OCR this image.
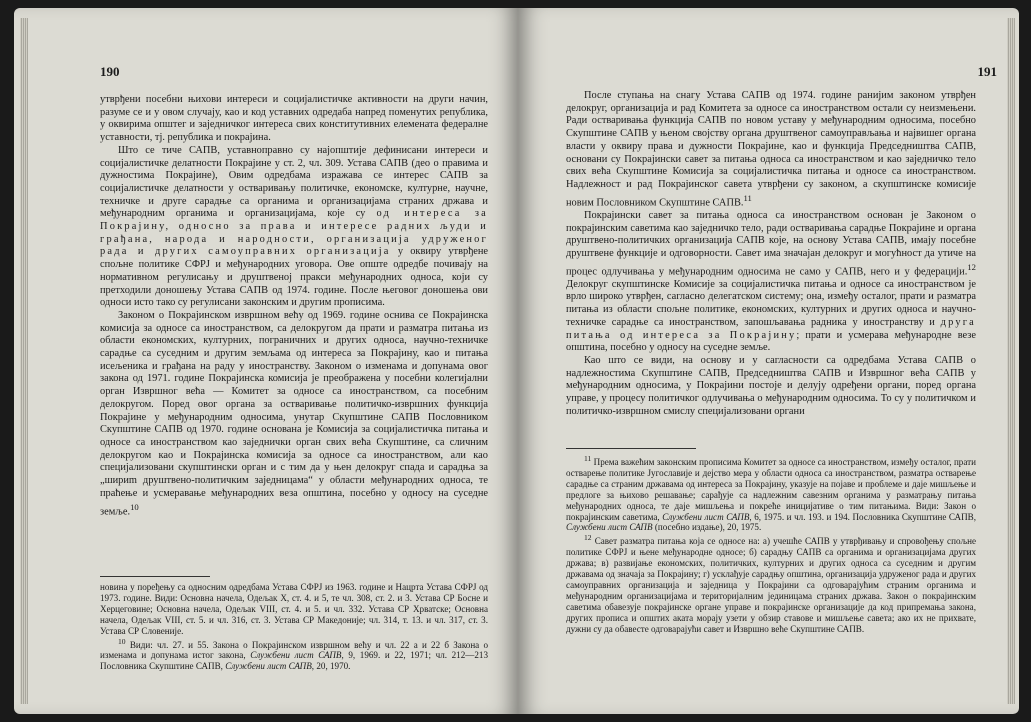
190

утврђени посебни њихови интереси и социјалистичке активности на други начин, разуме се и у овом случају, као и код уставних одредаба напред поменутих република, у оквирима општег и заједничког интереса свих конститутивних елемената федералне уставности, тј. република и покрајина.

Што се тиче САПВ, уставноправно су најопштије дефинисани интереси и социјалистичке делатности Покрајине у ст. 2, чл. 309. Устава САПВ (део о правима и дужностима Покрајине), Овим одредбама изражава се интерес САПВ за социјалистичке делатности у остваривању политичке, економске, културне, научне, техничке и друге сарадње са органима и организацијама страних држава и међународним органима и организацијама, које су од интереса за Покрајину, односно за права и интересе радних људи и грађана, народа и народности, организација удруженог рада и других самоуправних организација у оквиру утврђене спољне политике СФРЈ и међународних уговора. Ове опште одредбе почивају на нормативном регулисању и друштвеној пракси међународних односа, који су претходили доношењу Устава САПВ од 1974. године. После његовог доношења ови односи исто тако су регулисани законским и другим прописима.

Законом о Покрајинском извршном већу од 1969. године оснива се Покрајинска комисија за односе са иностранством, са делокругом да прати и разматра питања из области економских, културних, пограничних и других односа, научно-техничке сарадње са суседним и другим земљама од интереса за Покрајину, као и питања исељеника и грађана на раду у иностранству. Законом о изменама и допунама овог закона од 1971. године Покрајинска комисија је преображена у посебни колегијални орган Извршног већа — Комитет за односе са иностранством, са посебним делокругом. Поред овог органа за остваривање политичко-извршних функција Покрајине у међународним односима, унутар Скупштине САПВ Пословником Скупштине САПВ од 1970. године основана је Комисија за социјалистичка питања и односе са иностранством као заједнички орган свих већа Скупштине, са сличним делокругом као и Покрајинска комисија за односе са иностранством, али као специјализовани скупштински орган и с тим да у њен делокруг спада и сарадња за „шириm друштвено-политичким заједницама“ у области међународних односа, те праћење и усмеравање међународних веза општина, посебно у односу на суседне земље.$^{10}$

новина у поређењу са односним одредбама Устава СФРЈ из 1963. године и Нацрта Устава СФРЈ од 1973. године. Види: Основна начела, Одељак X, ст. 4. и 5, те чл. 308, ст. 2. и 3. Устава СР Босне и Херцеговине; Основна начела, Одељак VIII, ст. 4. и 5. и чл. 332. Устава СР Хрватске; Основна начела, Одељак VIII, ст. 5. и чл. 316, ст. 3. Устава СР Македоније; чл. 314, т. 13. и чл. 317, ст. 3. Устава СР Словеније.

$^{10}$ Види: чл. 27. и 55. Закона о Покрајинском извршном већу и чл. 22 а и 22 б Закона о изменама и допунама истог закона, Службени лист САПВ, 9, 1969. и 22, 1971; чл. 212—213 Пословника Скупштине САПВ, Службени лист САПВ, 20, 1970.

191

После ступања на снагу Устава САПВ од 1974. године ранијим законом утврђен делокруг, организација и рад Комитета за односе са иностранством остали су неизмењени. Ради остваривања функција САПВ по новом уставу у међународним односима, посебно Скупштине САПВ у њеном својству органа друштвеног самоуправљања и највишег органа власти у оквиру права и дужности Покрајине, као и функција Председништва САПВ, основани су Покрајински савет за питања односа са иностранством и као заједничко тело свих већа Скупштине Комисија за социјалистичка питања и односе са иностранством. Надлежност и рад Покрајинског савета утврђени су законом, а скупштинске комисије новим Пословником Скупштине САПВ.$^{11}$

Покрајински савет за питања односа са иностранством основан је Законом о покрајинским саветима као заједничко тело, ради остваривања сарадње Покрајине и органа друштвено-политичких организација САПВ које, на основу Устава САПВ, имају посебне друштвене функције и одговорности. Савет има значајан делокруг и могућност да утиче на процес одлучивања у међународним односима не само у САПВ, него и у федерацији.$^{12}$ Делокруг скупштинске Комисије за социјалистичка питања и односе са иностранством је врло широко утврђен, сагласно делегатском систему; она, између осталог, прати и разматра питања из области спољне политике, економских, културних и других односа и научно-техничке сарадње са иностранством, запошљавања радника у иностранству и друга питања од интереса за Покрајину; прати и усмерава међународне везе општина, посебно у односу на суседне земље.

Као што се види, на основу и у сагласности са одредбама Устава САПВ о надлежностима Скупштине САПВ, Председништва САПВ и Извршног већа САПВ у међународним односима, у Покрајини постоје и делују одређени органи, поред органа управе, у процесу политичког одлучивања о међународним односима. То су у политичком и политичко-извршном смислу специјализовани органи

$^{11}$ Према важећим законским прописима Комитет за односе са иностранством, између осталог, прати остварење политике Југославије и дејство мера у области односа са иностранством, разматра остварење сарадње са страним државама од интереса за Покрајину, указује на појаве и проблеме и даје мишљење и предлоге за њихово решавање; сарађује са надлежним савезним органима у разматрању питања међународних односа, те даје мишљења и покреће иницијативе о тим питањима. Види: Закон о покрајинским саветима, Службени лист САПВ, 6, 1975. и чл. 193. и 194. Пословника Скупштине САПВ, Службени лист САПВ (посебно издање), 20, 1975.

$^{12}$ Савет разматра питања која се односе на: а) учешће САПВ у утврђивању и спровођењу спољне политике СФРЈ и њене међународне односе; б) сарадњу САПВ са органима и организацијама других држава; в) развијање економских, политичких, културних и других односа са суседним и другим државама од значаја за Покрајину; г) усклађује сарадњу општина, организација удруженог рада и других самоуправних организација и заједница у Покрајини са одговарајућим страним органима и међународним организацијама и територијалним јединицама страних држава. Закон о покрајинским саветима обавезује покрајинске органе управе и покрајинске организације да код припремања закона, других прописа и општих аката морају узети у обзир ставове и мишљење савета; ако их не прихвате, дужни су да обавесте одговарајући савет и Извршно веће Скупштине САПВ.
